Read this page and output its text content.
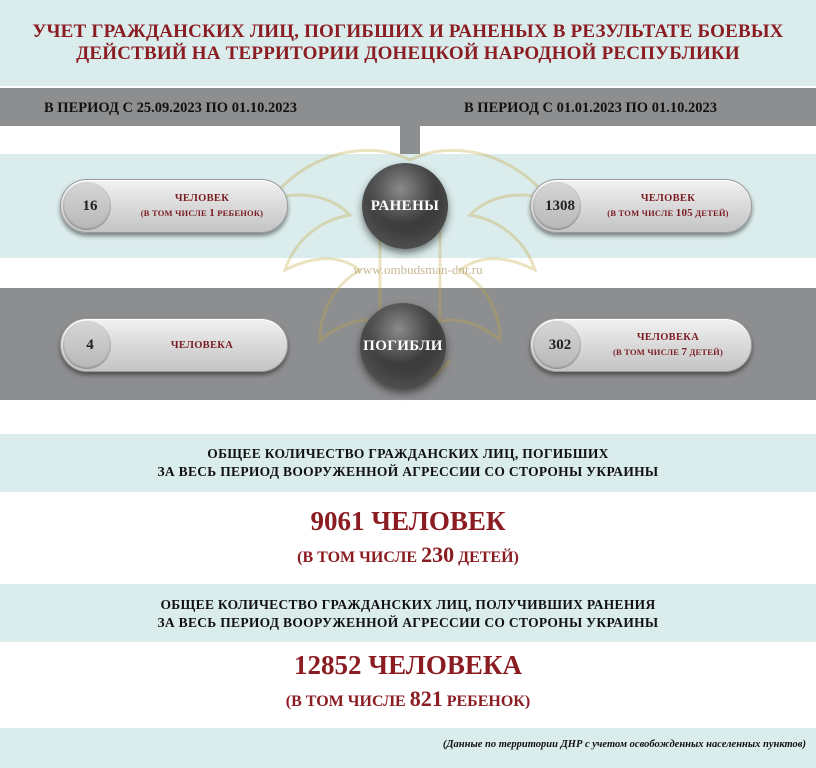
УЧЕТ ГРАЖДАНСКИХ ЛИЦ, ПОГИБШИХ И РАНЕНЫХ В РЕЗУЛЬТАТЕ БОЕВЫХ
ДЕЙСТВИЙ НА ТЕРРИТОРИИ ДОНЕЦКОЙ НАРОДНОЙ РЕСПУБЛИКИ
В ПЕРИОД С 25.09.2023 ПО 01.10.2023	В ПЕРИОД С 01.01.2023 ПО 01.10.2023
РАНЕНЫ
www.ombudsman-dnr.ru
ПОГИБЛИ
16	ЧЕЛОВЕК
(В ТОМ ЧИСЛЕ 1 РЕБЕНОК)	1308	ЧЕЛОВЕК
(В ТОМ ЧИСЛЕ 105 ДЕТЕЙ)
4	ЧЕЛОВЕКА	302	ЧЕЛОВЕКА
(В ТОМ ЧИСЛЕ 7 ДЕТЕЙ)
ОБЩЕЕ КОЛИЧЕСТВО ГРАЖДАНСКИХ ЛИЦ, ПОГИБШИХ
ЗА ВЕСЬ ПЕРИОД ВООРУЖЕННОЙ АГРЕССИИ СО СТОРОНЫ УКРАИНЫ
9061 ЧЕЛОВЕК
(В ТОМ ЧИСЛЕ 230 ДЕТЕЙ)
ОБЩЕЕ КОЛИЧЕСТВО ГРАЖДАНСКИХ ЛИЦ, ПОЛУЧИВШИХ РАНЕНИЯ
ЗА ВЕСЬ ПЕРИОД ВООРУЖЕННОЙ АГРЕССИИ СО СТОРОНЫ УКРАИНЫ
12852 ЧЕЛОВЕКА
(В ТОМ ЧИСЛЕ 821 РЕБЕНОК)
(Данные по территории ДНР с учетом освобожденных населенных пунктов)
